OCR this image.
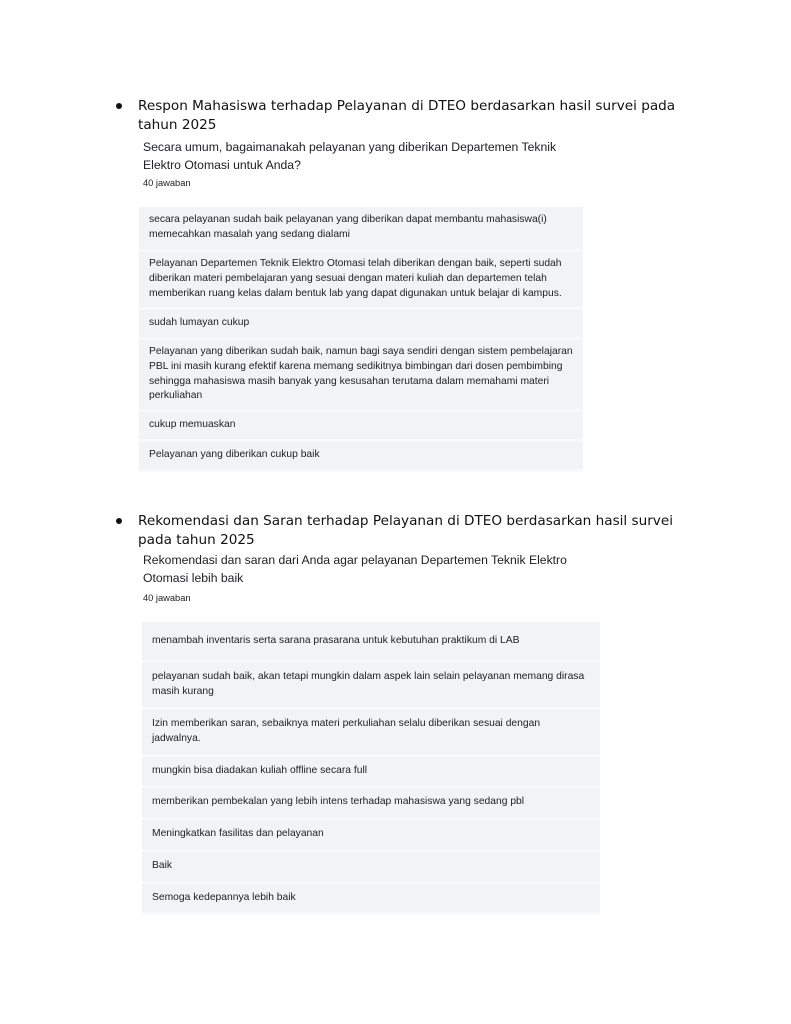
Respon Mahasiswa terhadap Pelayanan di DTEO berdasarkan hasil survei pada tahun 2025
Secara umum, bagaimanakah pelayanan yang diberikan Departemen Teknik Elektro Otomasi untuk Anda?
40 jawaban
secara pelayanan sudah baik pelayanan yang diberikan dapat membantu mahasiswa(i) memecahkan masalah yang sedang dialami
Pelayanan Departemen Teknik Elektro Otomasi telah diberikan dengan baik, seperti sudah diberikan materi pembelajaran yang sesuai dengan materi kuliah dan departemen telah memberikan ruang kelas dalam bentuk lab yang dapat digunakan untuk belajar di kampus.
sudah lumayan cukup
Pelayanan yang diberikan sudah baik, namun bagi saya sendiri dengan sistem pembelajaran PBL ini masih kurang efektif karena memang sedikitnya bimbingan dari dosen pembimbing sehingga mahasiswa masih banyak yang kesusahan terutama dalam memahami materi perkuliahan
cukup memuaskan
Pelayanan yang diberikan cukup baik
Rekomendasi dan Saran terhadap Pelayanan di DTEO berdasarkan hasil survei pada tahun 2025
Rekomendasi dan saran dari Anda agar pelayanan Departemen Teknik Elektro Otomasi lebih baik
40 jawaban
menambah inventaris serta sarana prasarana untuk kebutuhan praktikum di LAB
pelayanan sudah baik, akan tetapi mungkin dalam aspek lain selain pelayanan memang dirasa masih kurang
Izin memberikan saran, sebaiknya materi perkuliahan selalu diberikan sesuai dengan jadwalnya.
mungkin bisa diadakan kuliah offline secara full
memberikan pembekalan yang lebih intens terhadap mahasiswa yang sedang pbl
Meningkatkan fasilitas dan pelayanan
Baik
Semoga kedepannya lebih baik
